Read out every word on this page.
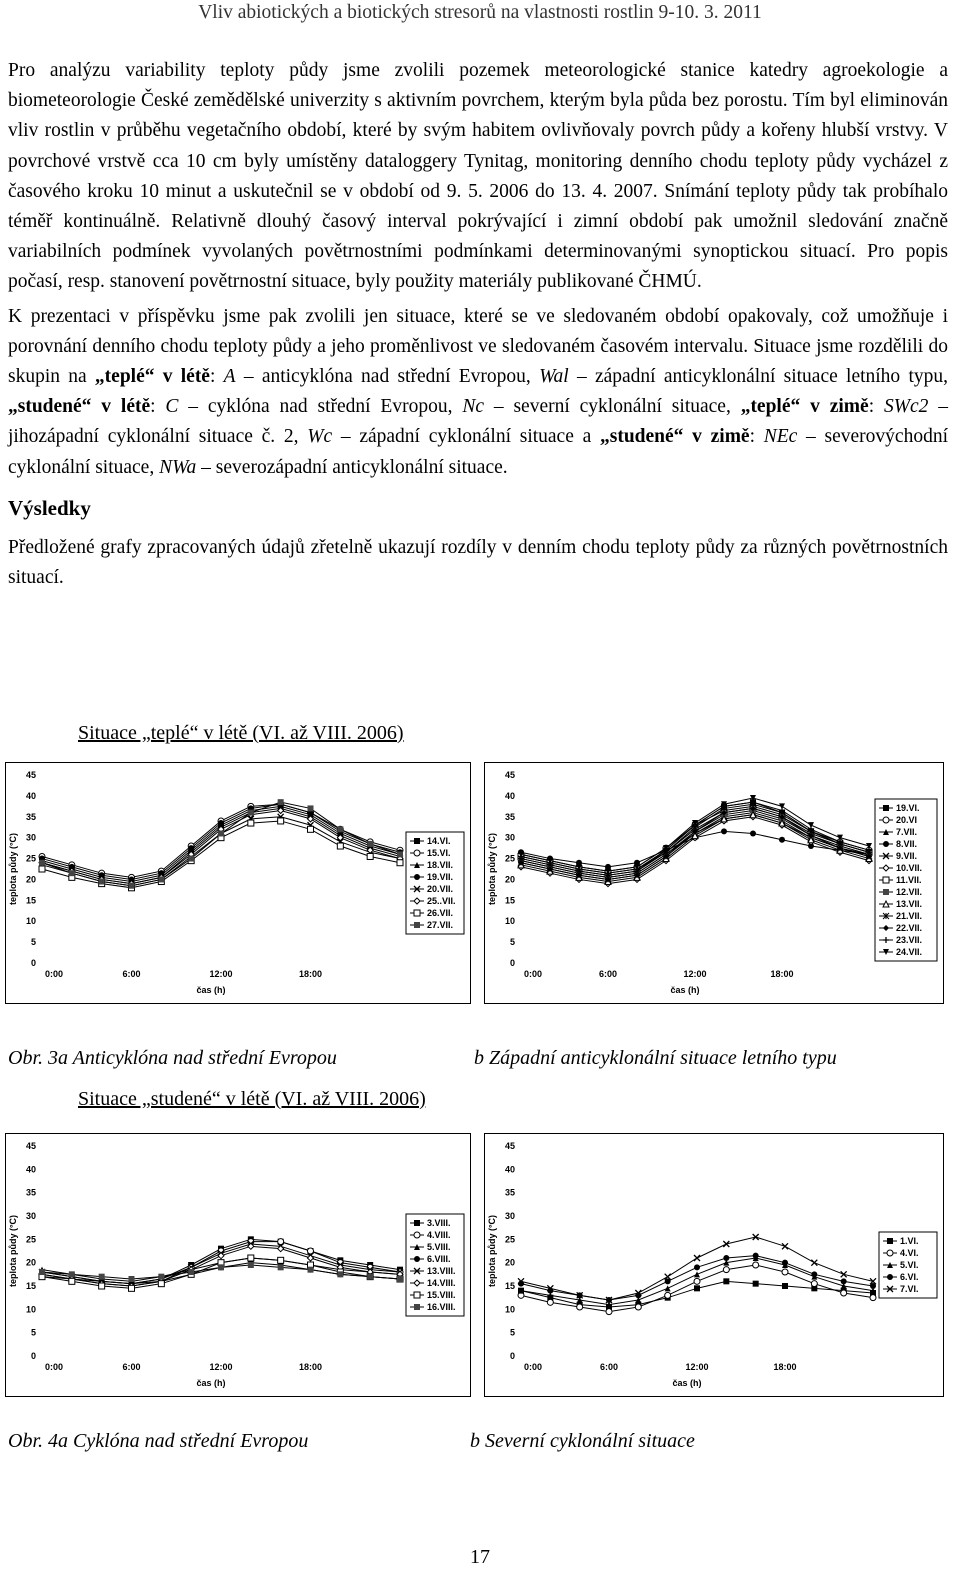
Vliv abiotických a biotických stresorů na vlastnosti rostlin 9-10. 3. 2011

Pro analýzu variability teploty půdy jsme zvolili pozemek meteorologické stanice katedry agroekologie a biometeorologie České zemědělské univerzity s aktivním povrchem, kterým byla půda bez porostu. Tím byl eliminován vliv rostlin v průběhu vegetačního období, které by svým habitem ovlivňovaly povrch půdy a kořeny hlubší vrstvy. V povrchové vrstvě cca 10 cm byly umístěny dataloggery Tynitag, monitoring denního chodu teploty půdy vycházel z časového kroku 10 minut a uskutečnil se v období od 9. 5. 2006 do 13. 4. 2007. Snímání teploty půdy tak probíhalo téměř kontinuálně. Relativně dlouhý časový interval pokrývající i zimní období pak umožnil sledování značně variabilních podmínek vyvolaných povětrnostními podmínkami determinovanými synoptickou situací. Pro popis počasí, resp. stanovení povětrnostní situace, byly použity materiály publikované ČHMÚ.

K prezentaci v příspěvku jsme pak zvolili jen situace, které se ve sledovaném období opakovaly, což umožňuje i porovnání denního chodu teploty půdy a jeho proměnlivost ve sledovaném časovém intervalu. Situace jsme rozdělili do skupin na „teplé“ v létě: A – anticyklóna nad střední Evropou, Wal – západní anticyklonální situace letního typu, „studené“ v létě: C – cyklóna nad střední Evropou, Nc – severní cyklonální situace, „teplé“ v zimě: SWc2 – jihozápadní cyklonální situace č. 2, Wc – západní cyklonální situace a „studené“ v zimě: NEc – severovýchodní cyklonální situace, NWa – severozápadní anticyklonální situace.

Výsledky

Předložené grafy zpracovaných údajů zřetelně ukazují rozdíly v denním chodu teploty půdy za různých povětrnostních situací.

Situace „teplé“ v létě (VI. až VIII. 2006)
0
5
10
15
20
25
30
35
40
45
0:00	6:00	12:00	18:00
čas (h)
teplota půdy (°C)	14.VI.
15.VI.
18.VII.
19.VII.
20.VII.
25..VII.
26.VII.
27.VII.
0
5
10
15
20
25
30
35
40
45
0:00	6:00	12:00	18:00
čas (h)
teplota půdy (°C)
19.VI.
20.VI
7.VII.
8.VII.
9.VII.
10.VII.
11.VII.
12.VII.
13.VII.
21.VII.
22.VII.
23.VII.
24.VII.
Obr. 3a Anticyklóna nad střední Evropou	b Západní anticyklonální situace letního typu
Situace „studené“ v létě (VI. až VIII. 2006)
0
5
10
15
20
25
30
35
40
45
0:00	6:00	12:00	18:00
čas (h)
teplota půdy (°C)	3.VIII.
4.VIII.
5.VIII.
6.VIII.
13.VIII.
14.VIII.
15.VIII.
16.VIII.
0
5
10
15
20
25
30
35
40
45
0:00	6:00	12:00	18:00
čas (h)
teplota půdy (°C)	1.VI.
4.VI.
5.VI.
6.VI.
7.VI.
Obr. 4a Cyklóna nad střední Evropou	b Severní cyklonální situace
17
